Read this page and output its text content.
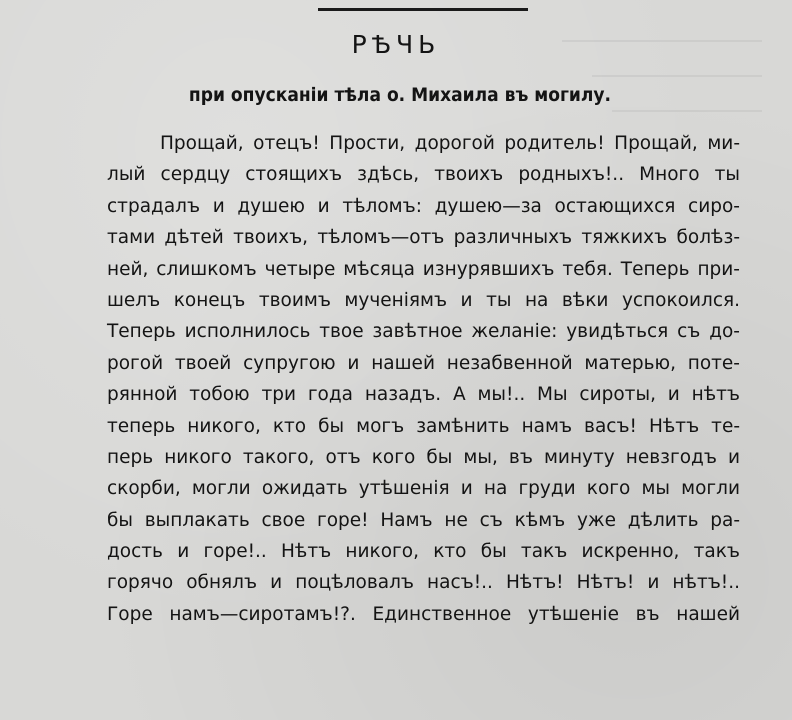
РѢЧЬ
при опусканіи тѣла о. Михаила въ могилу.
Прощай, отецъ! Прости, дорогой родитель! Прощай, ми-
лый сердцу стоящихъ здѣсь, твоихъ родныхъ!.. Много ты
страдалъ и душею и тѣломъ: душею—за остающихся сиро-
тами дѣтей твоихъ, тѣломъ—отъ различныхъ тяжкихъ болѣз-
ней, слишкомъ четыре мѣсяца изнурявшихъ тебя. Теперь при-
шелъ конецъ твоимъ мученіямъ и ты на вѣки успокоился.
Теперь исполнилось твое завѣтное желаніе: увидѣться съ до-
рогой твоей супругою и нашей незабвенной матерью, поте-
рянной тобою три года назадъ. А мы!.. Мы сироты, и нѣтъ
теперь никого, кто бы могъ замѣнить намъ васъ! Нѣтъ те-
перь никого такого, отъ кого бы мы, въ минуту невзгодъ и
скорби, могли ожидать утѣшенія и на груди кого мы могли
бы выплакать свое горе! Намъ не съ кѣмъ уже дѣлить ра-
дость и горе!.. Нѣтъ никого, кто бы такъ искренно, такъ
горячо обнялъ и поцѣловалъ насъ!.. Нѣтъ! Нѣтъ! и нѣтъ!..
Горе намъ—сиротамъ!?. Единственное утѣшеніе въ нашей
